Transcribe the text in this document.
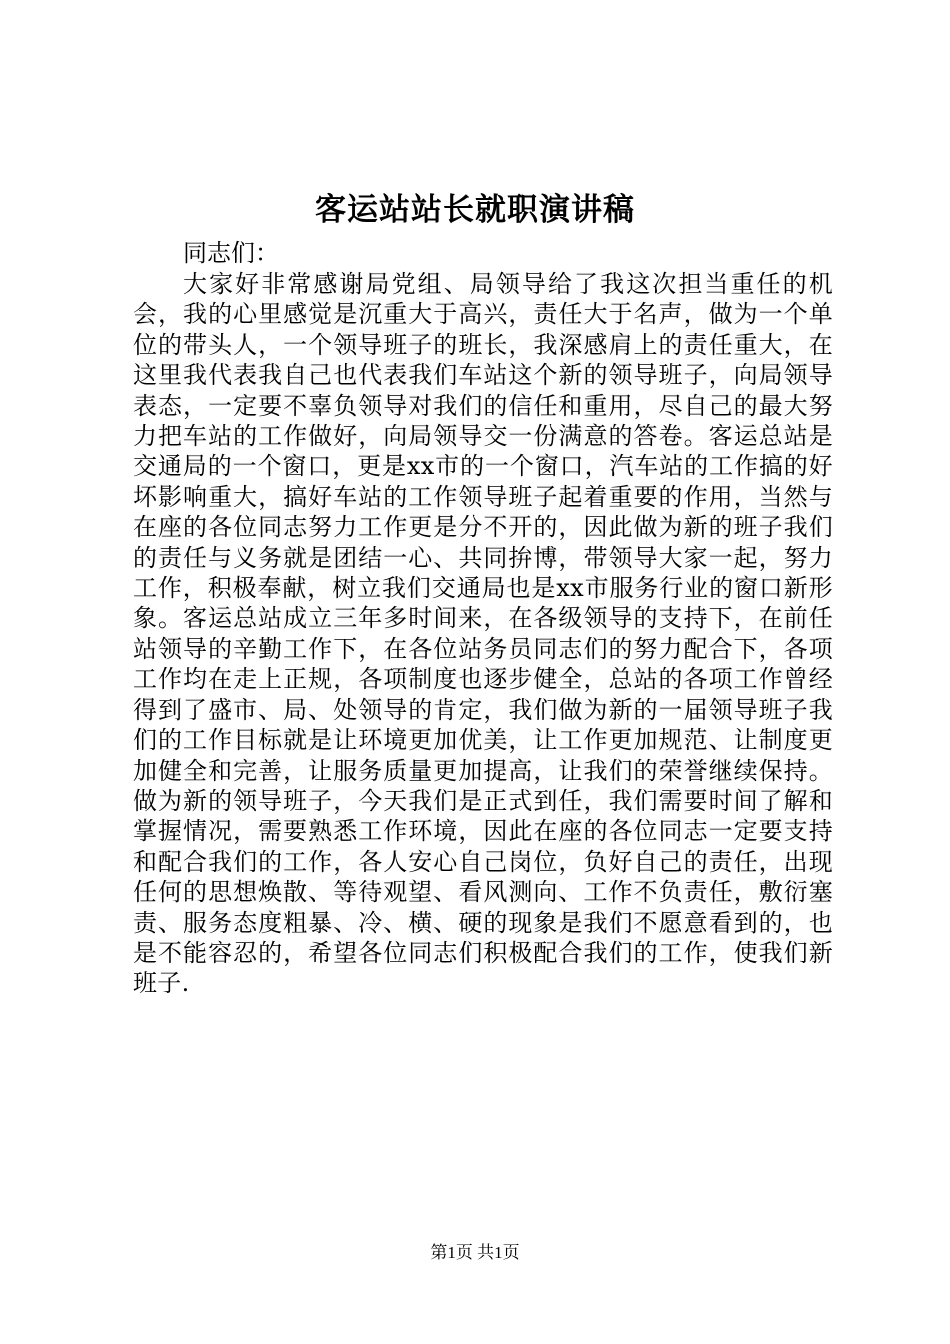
客运站站长就职演讲稿

同志们：

大家好非常感谢局党组、局领导给了我这次担当重任的机会，我的心里感觉是沉重大于高兴，责任大于名声，做为一个单位的带头人，一个领导班子的班长，我深感肩上的责任重大，在这里我代表我自己也代表我们车站这个新的领导班子，向局领导表态，一定要不辜负领导对我们的信任和重用，尽自己的最大努力把车站的工作做好，向局领导交一份满意的答卷。客运总站是交通局的一个窗口，更是xx市的一个窗口，汽车站的工作搞的好坏影响重大，搞好车站的工作领导班子起着重要的作用，当然与在座的各位同志努力工作更是分不开的，因此做为新的班子我们的责任与义务就是团结一心、共同拚博，带领导大家一起，努力工作，积极奉献，树立我们交通局也是xx市服务行业的窗口新形象。客运总站成立三年多时间来，在各级领导的支持下，在前任站领导的辛勤工作下，在各位站务员同志们的努力配合下，各项工作均在走上正规，各项制度也逐步健全，总站的各项工作曾经得到了盛市、局、处领导的肯定，我们做为新的一届领导班子我们的工作目标就是让环境更加优美，让工作更加规范、让制度更加健全和完善，让服务质量更加提高，让我们的荣誉继续保持。做为新的领导班子，今天我们是正式到任，我们需要时间了解和掌握情况，需要熟悉工作环境，因此在座的各位同志一定要支持和配合我们的工作，各人安心自己岗位，负好自己的责任，出现任何的思想焕散、等待观望、看风测向、工作不负责任，敷衍塞责、服务态度粗暴、冷、横、硬的现象是我们不愿意看到的，也是不能容忍的，希望各位同志们积极配合我们的工作，使我们新班子.

第1页 共1页
